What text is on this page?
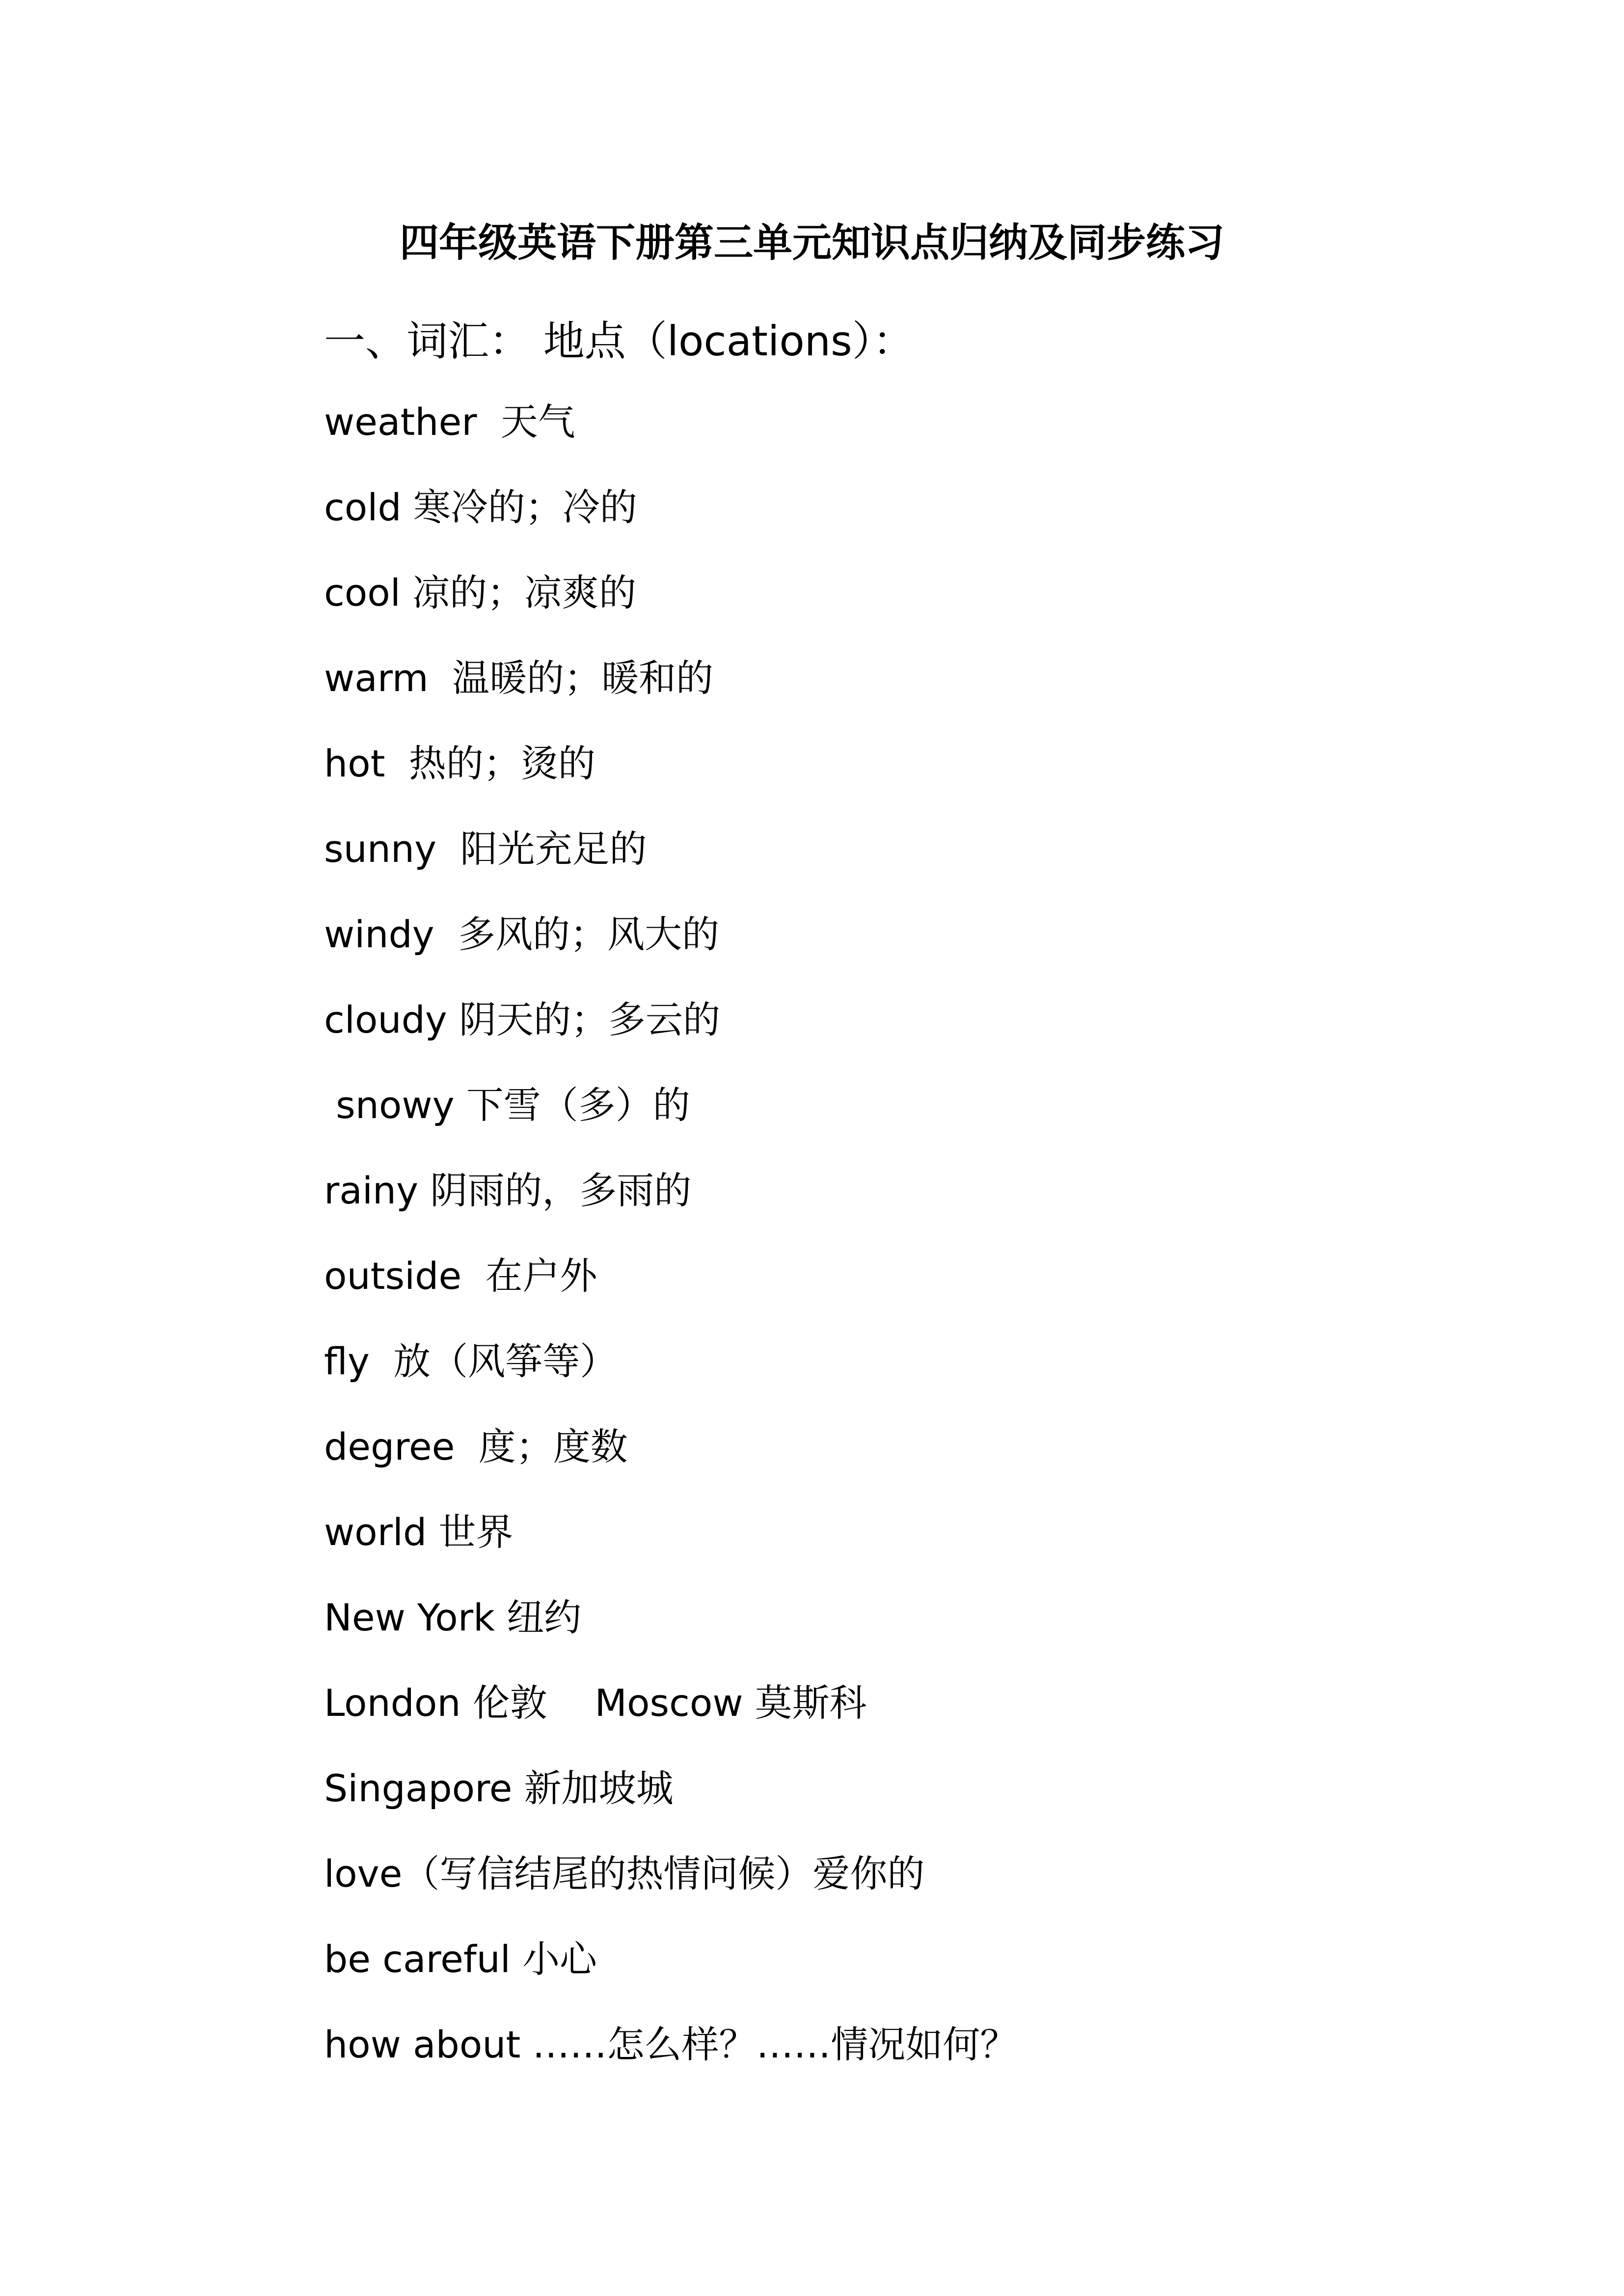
四年级英语下册第三单元知识点归纳及同步练习
一、词汇： 地点（locations）：
weather  天气
cold 寒冷的；冷的
cool 凉的；凉爽的
warm  温暖的；暖和的
hot  热的；烫的
sunny  阳光充足的
windy  多风的；风大的
cloudy 阴天的；多云的
snowy 下雪（多）的
rainy 阴雨的，多雨的
outside  在户外
fly  放（风筝等）
degree  度；度数
world 世界
New York 纽约
London 伦敦    Moscow 莫斯科
Singapore 新加坡城
love（写信结尾的热情问候）爱你的
be careful 小心
how about ……怎么样？……情况如何？
